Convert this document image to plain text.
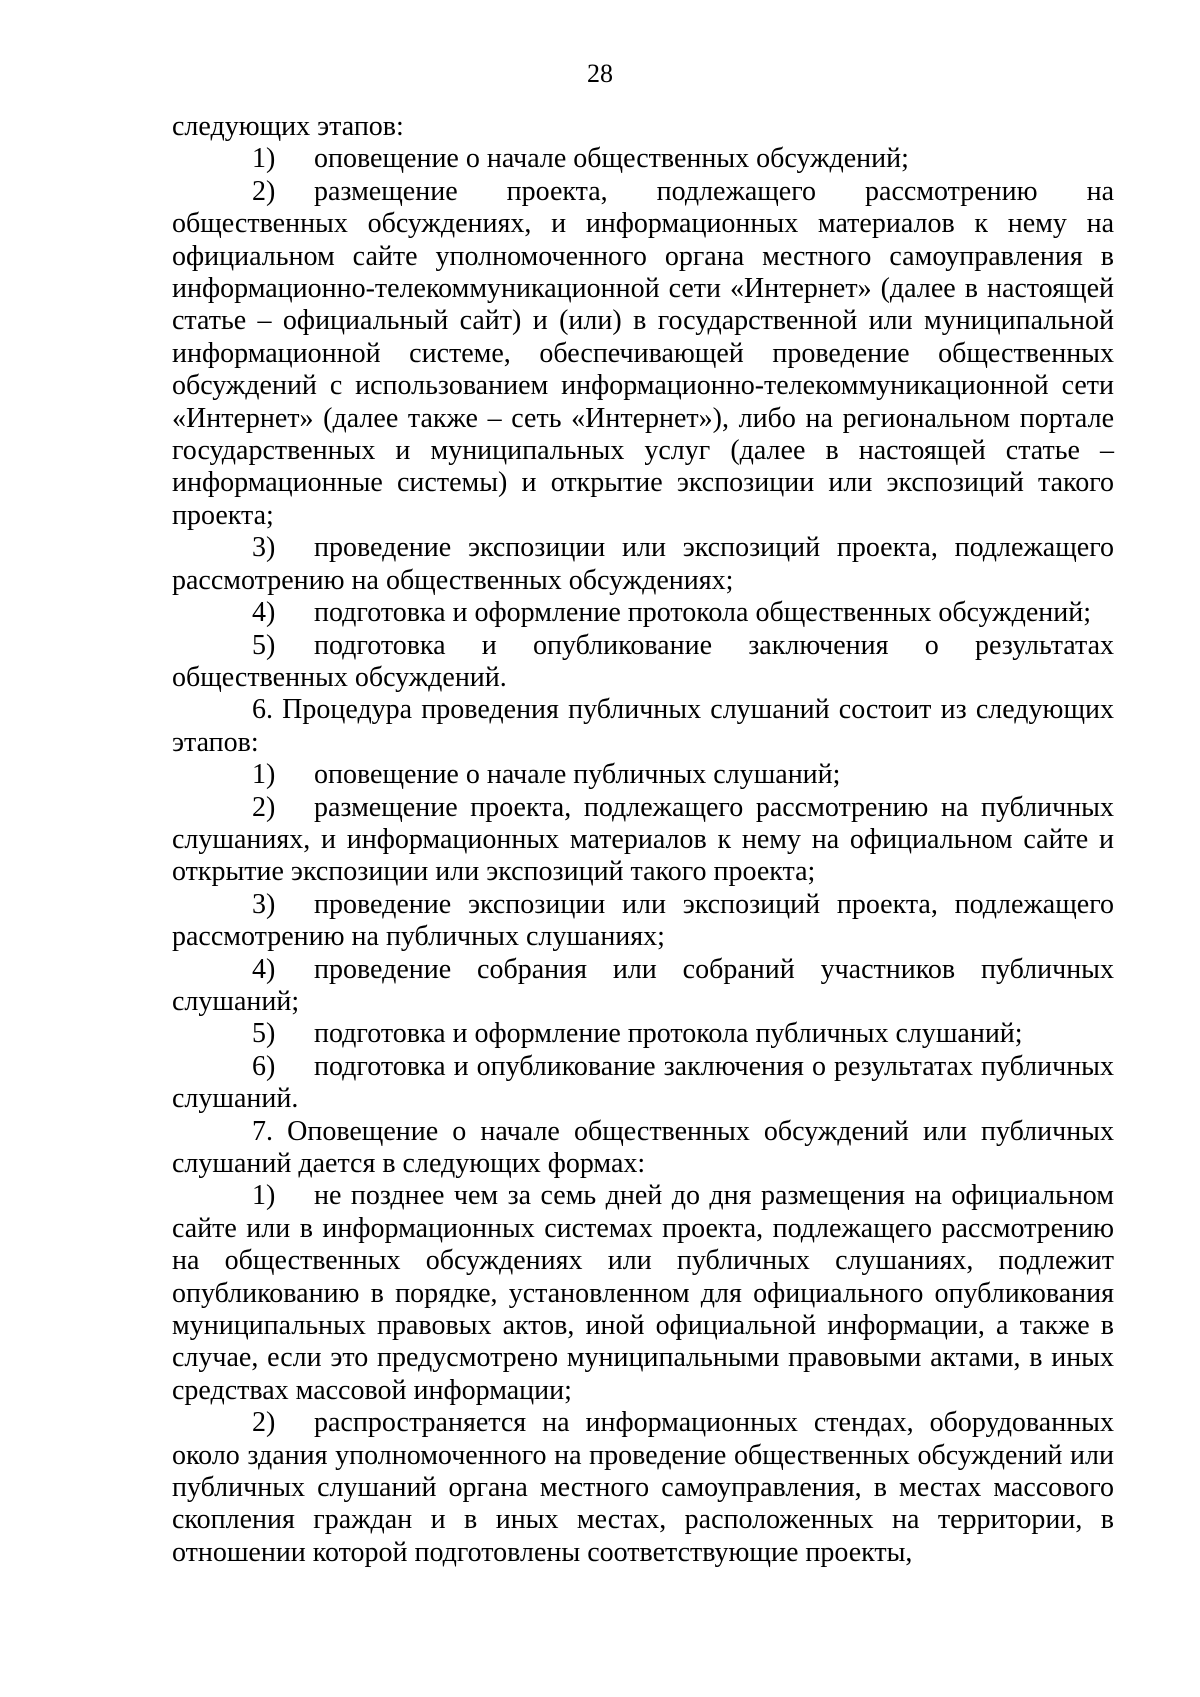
28

следующих этапов:

1) оповещение о начале общественных обсуждений;

2) размещение проекта, подлежащего рассмотрению на общественных обсуждениях, и информационных материалов к нему на официальном сайте уполномоченного органа местного самоуправления в информационно-телекоммуникационной сети «Интернет» (далее в настоящей статье – официальный сайт) и (или) в государственной или муниципальной информационной системе, обеспечивающей проведение общественных обсуждений с использованием информационно-телекоммуникационной сети «Интернет» (далее также – сеть «Интернет»), либо на региональном портале государственных и муниципальных услуг (далее в настоящей статье – информационные системы) и открытие экспозиции или экспозиций такого проекта;

3) проведение экспозиции или экспозиций проекта, подлежащего рассмотрению на общественных обсуждениях;

4) подготовка и оформление протокола общественных обсуждений;

5) подготовка и опубликование заключения о результатах общественных обсуждений.

6. Процедура проведения публичных слушаний состоит из следующих этапов:

1) оповещение о начале публичных слушаний;

2) размещение проекта, подлежащего рассмотрению на публичных слушаниях, и информационных материалов к нему на официальном сайте и открытие экспозиции или экспозиций такого проекта;

3) проведение экспозиции или экспозиций проекта, подлежащего рассмотрению на публичных слушаниях;

4) проведение собрания или собраний участников публичных слушаний;

5) подготовка и оформление протокола публичных слушаний;

6) подготовка и опубликование заключения о результатах публичных слушаний.

7. Оповещение о начале общественных обсуждений или публичных слушаний дается в следующих формах:

1) не позднее чем за семь дней до дня размещения на официальном сайте или в информационных системах проекта, подлежащего рассмотрению на общественных обсуждениях или публичных слушаниях, подлежит опубликованию в порядке, установленном для официального опубликования муниципальных правовых актов, иной официальной информации, а также в случае, если это предусмотрено муниципальными правовыми актами, в иных средствах массовой информации;

2) распространяется на информационных стендах, оборудованных около здания уполномоченного на проведение общественных обсуждений или публичных слушаний органа местного самоуправления, в местах массового скопления граждан и в иных местах, расположенных на территории, в отношении которой подготовлены соответствующие проекты,
